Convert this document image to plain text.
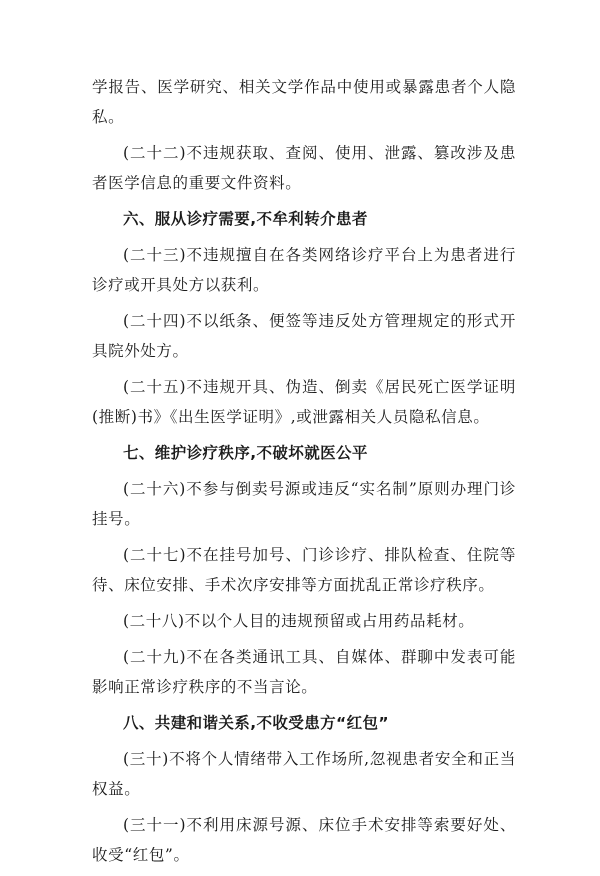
学报告、医学研究、相关文学作品中使用或暴露患者个人隐私。

(二十二)不违规获取、查阅、使用、泄露、篡改涉及患者医学信息的重要文件资料。

六、服从诊疗需要,不牟利转介患者

(二十三)不违规擅自在各类网络诊疗平台上为患者进行诊疗或开具处方以获利。

(二十四)不以纸条、便签等违反处方管理规定的形式开具院外处方。

(二十五)不违规开具、伪造、倒卖《居民死亡医学证明(推断)书》《出生医学证明》,或泄露相关人员隐私信息。

七、维护诊疗秩序,不破坏就医公平

(二十六)不参与倒卖号源或违反“实名制”原则办理门诊挂号。

(二十七)不在挂号加号、门诊诊疗、排队检查、住院等待、床位安排、手术次序安排等方面扰乱正常诊疗秩序。

(二十八)不以个人目的违规预留或占用药品耗材。

(二十九)不在各类通讯工具、自媒体、群聊中发表可能影响正常诊疗秩序的不当言论。

八、共建和谐关系,不收受患方“红包”

(三十)不将个人情绪带入工作场所,忽视患者安全和正当权益。

(三十一)不利用床源号源、床位手术安排等索要好处、收受“红包”。
